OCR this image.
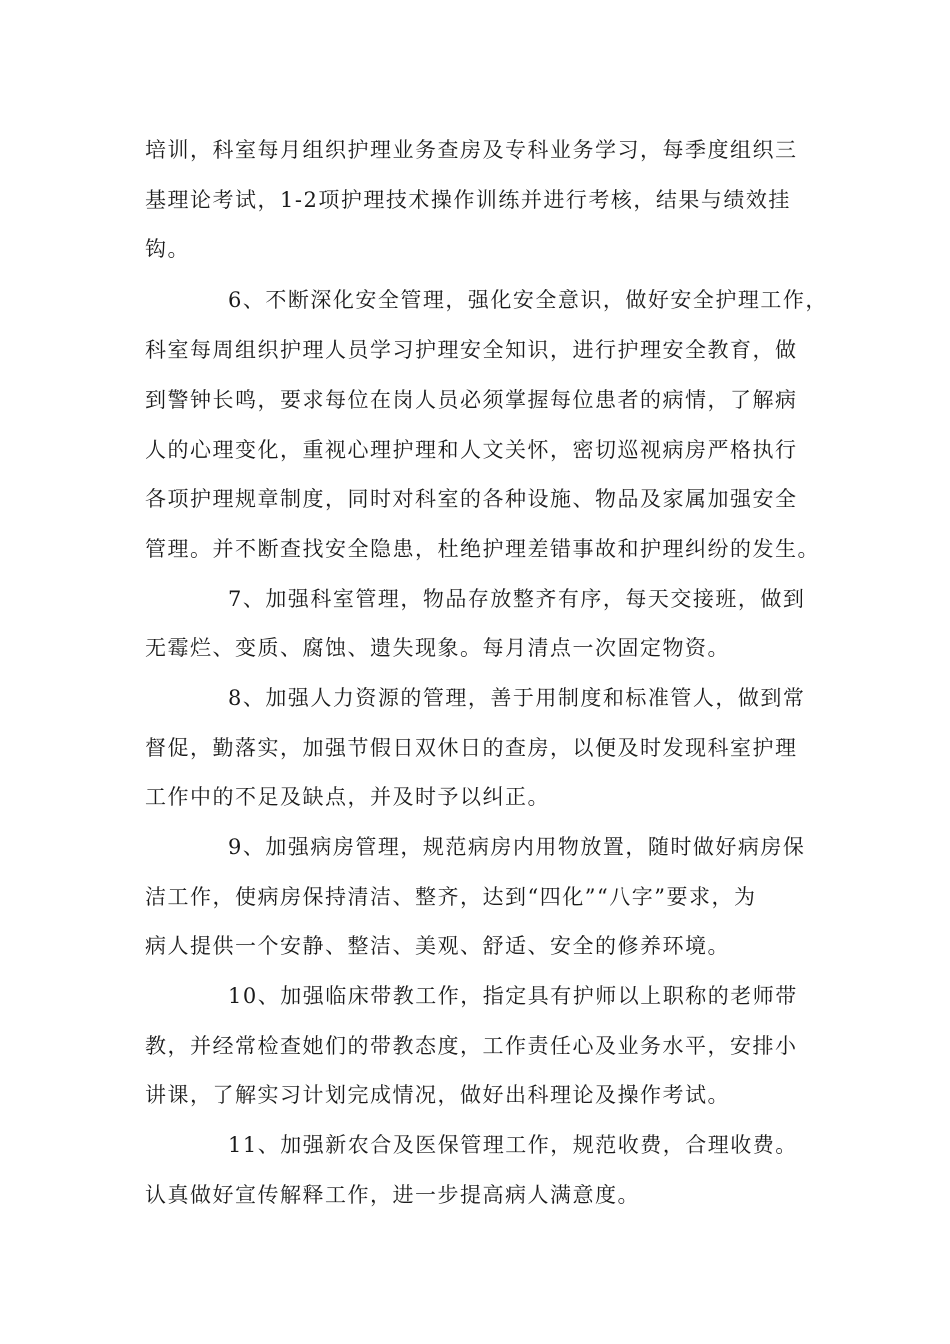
培训，科室每月组织护理业务查房及专科业务学习，每季度组织三

基理论考试，1-2项护理技术操作训练并进行考核，结果与绩效挂

钩。

6、不断深化安全管理，强化安全意识，做好安全护理工作，

科室每周组织护理人员学习护理安全知识，进行护理安全教育，做

到警钟长鸣，要求每位在岗人员必须掌握每位患者的病情，了解病

人的心理变化，重视心理护理和人文关怀，密切巡视病房严格执行

各项护理规章制度，同时对科室的各种设施、物品及家属加强安全

管理。并不断查找安全隐患，杜绝护理差错事故和护理纠纷的发生。

7、加强科室管理，物品存放整齐有序，每天交接班，做到

无霉烂、变质、腐蚀、遗失现象。每月清点一次固定物资。

8、加强人力资源的管理，善于用制度和标准管人，做到常

督促，勤落实，加强节假日双休日的查房，以便及时发现科室护理

工作中的不足及缺点，并及时予以纠正。

9、加强病房管理，规范病房内用物放置，随时做好病房保

洁工作，使病房保持清洁、整齐，达到“四化”“八字”要求，为

病人提供一个安静、整洁、美观、舒适、安全的修养环境。

10、加强临床带教工作，指定具有护师以上职称的老师带

教，并经常检查她们的带教态度，工作责任心及业务水平，安排小

讲课，了解实习计划完成情况，做好出科理论及操作考试。

11、加强新农合及医保管理工作，规范收费，合理收费。

认真做好宣传解释工作，进一步提高病人满意度。
